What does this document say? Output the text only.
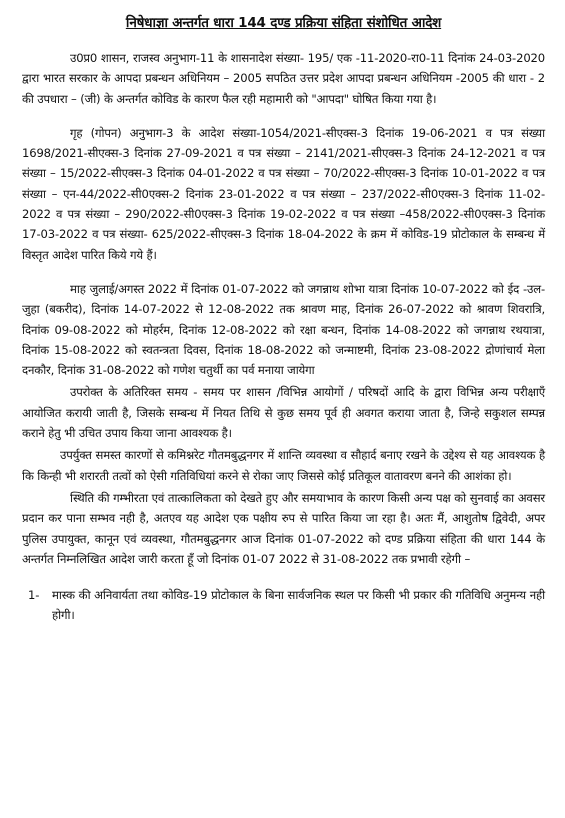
निषेधाज्ञा अन्तर्गत धारा 144 दण्ड प्रक्रिया संहिता संशोधित आदेश

उ0प्र0 शासन, राजस्व अनुभाग-11 के शासनादेश संख्या- 195/ एक -11-2020-रा0-11 दिनांक 24-03-2020 द्वारा भारत सरकार के आपदा प्रबन्धन अधिनियम – 2005 सपठित उत्तर प्रदेश आपदा प्रबन्धन अधिनियम -2005 की धारा - 2 की उपधारा – (जी) के अन्तर्गत कोविड के कारण फैल रही महामारी को "आपदा" घोषित किया गया है।

गृह (गोपन) अनुभाग-3 के आदेश संख्या-1054/2021-सीएक्स-3 दिनांक 19-06-2021 व पत्र संख्या 1698/2021-सीएक्स-3 दिनांक 27-09-2021 व पत्र संख्या – 2141/2021-सीएक्स-3 दिनांक 24-12-2021 व पत्र संख्या – 15/2022-सीएक्स-3 दिनांक 04-01-2022 व पत्र संख्या – 70/2022-सीएक्स-3 दिनांक 10-01-2022 व पत्र संख्या – एन-44/2022-सी0एक्स-2 दिनांक 23-01-2022 व पत्र संख्या – 237/2022-सी0एक्स-3 दिनांक 11-02-2022 व पत्र संख्या – 290/2022-सी0एक्स-3 दिनांक 19-02-2022 व पत्र संख्या –458/2022-सी0एक्स-3 दिनांक 17-03-2022 व पत्र संख्या- 625/2022-सीएक्स-3 दिनांक 18-04-2022 के क्रम में कोविड-19 प्रोटोकाल के सम्बन्ध में विस्तृत आदेश पारित किये गये हैं।

माह जुलाई/अगस्त 2022 में दिनांक 01-07-2022 को जगन्नाथ शोभा यात्रा दिनांक 10-07-2022 को ईद -उल- जुहा (बकरीद), दिनांक 14-07-2022 से 12-08-2022 तक श्रावण माह, दिनांक 26-07-2022 को श्रावण शिवरात्रि, दिनांक 09-08-2022 को मोहर्रम, दिनांक 12-08-2022 को रक्षा बन्धन, दिनांक 14-08-2022 को जगन्नाथ रथयात्रा, दिनांक 15-08-2022 को स्वतन्त्रता दिवस, दिनांक 18-08-2022 को जन्माष्टमी, दिनांक 23-08-2022 द्रोणांचार्य मेला दनकौर, दिनांक 31-08-2022 को गणेश चतुर्थी का पर्व मनाया जायेगा

उपरोक्त के अतिरिक्त समय - समय पर शासन /विभिन्न आयोगों / परिषदों आदि के द्वारा विभिन्न अन्य परीक्षाएँ आयोजित करायी जाती है, जिसके सम्बन्ध में नियत तिथि से कुछ समय पूर्व ही अवगत कराया जाता है, जिन्हे सकुशल सम्पन्न कराने हेतु भी उचित उपाय किया जाना आवश्यक है।

उपर्युक्त समस्त कारणों से कमिश्नरेट गौतमबुद्धनगर में शान्ति व्यवस्था व सौहार्द बनाए रखने के उद्देश्य से यह आवश्यक है कि किन्ही भी शरारती तत्वों को ऐसी गतिविधियां करने से रोका जाए जिससे कोई प्रतिकूल वातावरण बनने की आशंका हो।

स्थिति की गम्भीरता एवं तात्कालिकता को देखते हुए और समयाभाव के कारण किसी अन्य पक्ष को सुनवाई का अवसर प्रदान कर पाना सम्भव नही है, अतएव यह आदेश एक पक्षीय रुप से पारित किया जा रहा है। अतः मैं, आशुतोष द्विवेदी, अपर पुलिस उपायुक्त, कानून एवं व्यवस्था, गौतमबुद्धनगर आज दिनांक 01-07-2022 को दण्ड प्रक्रिया संहिता की धारा 144 के अन्तर्गत निम्नलिखित आदेश जारी करता हूँ जो दिनांक 01-07 2022 से 31-08-2022 तक प्रभावी रहेगी –

1-	मास्क की अनिवार्यता तथा कोविड-19 प्रोटोकाल के बिना सार्वजनिक स्थल पर किसी भी प्रकार की गतिविधि अनुमन्य नही होगी।
